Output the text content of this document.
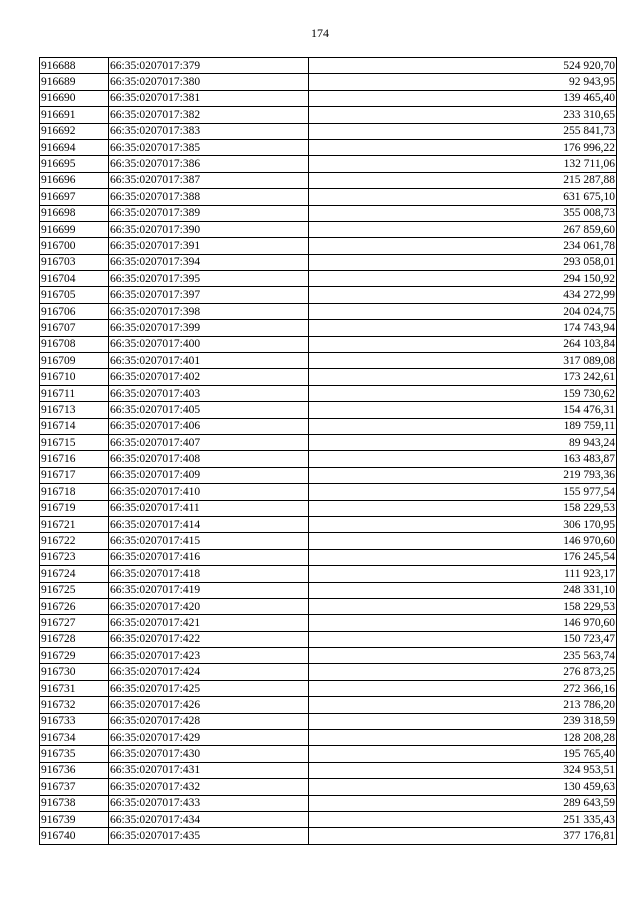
174
916688	66:35:0207017:379	524 920,70
916689	66:35:0207017:380	92 943,95
916690	66:35:0207017:381	139 465,40
916691	66:35:0207017:382	233 310,65
916692	66:35:0207017:383	255 841,73
916694	66:35:0207017:385	176 996,22
916695	66:35:0207017:386	132 711,06
916696	66:35:0207017:387	215 287,88
916697	66:35:0207017:388	631 675,10
916698	66:35:0207017:389	355 008,73
916699	66:35:0207017:390	267 859,60
916700	66:35:0207017:391	234 061,78
916703	66:35:0207017:394	293 058,01
916704	66:35:0207017:395	294 150,92
916705	66:35:0207017:397	434 272,99
916706	66:35:0207017:398	204 024,75
916707	66:35:0207017:399	174 743,94
916708	66:35:0207017:400	264 103,84
916709	66:35:0207017:401	317 089,08
916710	66:35:0207017:402	173 242,61
916711	66:35:0207017:403	159 730,62
916713	66:35:0207017:405	154 476,31
916714	66:35:0207017:406	189 759,11
916715	66:35:0207017:407	89 943,24
916716	66:35:0207017:408	163 483,87
916717	66:35:0207017:409	219 793,36
916718	66:35:0207017:410	155 977,54
916719	66:35:0207017:411	158 229,53
916721	66:35:0207017:414	306 170,95
916722	66:35:0207017:415	146 970,60
916723	66:35:0207017:416	176 245,54
916724	66:35:0207017:418	111 923,17
916725	66:35:0207017:419	248 331,10
916726	66:35:0207017:420	158 229,53
916727	66:35:0207017:421	146 970,60
916728	66:35:0207017:422	150 723,47
916729	66:35:0207017:423	235 563,74
916730	66:35:0207017:424	276 873,25
916731	66:35:0207017:425	272 366,16
916732	66:35:0207017:426	213 786,20
916733	66:35:0207017:428	239 318,59
916734	66:35:0207017:429	128 208,28
916735	66:35:0207017:430	195 765,40
916736	66:35:0207017:431	324 953,51
916737	66:35:0207017:432	130 459,63
916738	66:35:0207017:433	289 643,59
916739	66:35:0207017:434	251 335,43
916740	66:35:0207017:435	377 176,81
